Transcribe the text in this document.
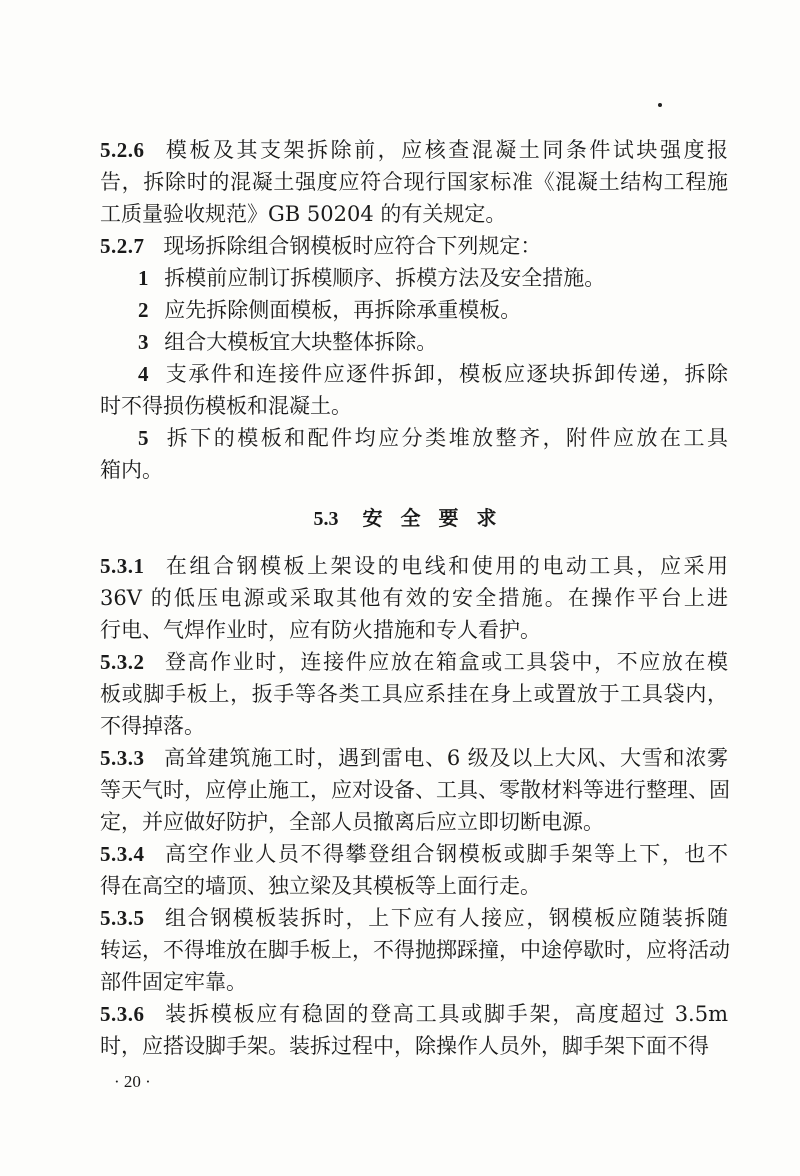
5.2.6 模板及其支架拆除前，应核查混凝土同条件试块强度报
告，拆除时的混凝土强度应符合现行国家标准《混凝土结构工程施
工质量验收规范》GB 50204 的有关规定。
5.2.7 现场拆除组合钢模板时应符合下列规定：
1 拆模前应制订拆模顺序、拆模方法及安全措施。
2 应先拆除侧面模板，再拆除承重模板。
3 组合大模板宜大块整体拆除。
4 支承件和连接件应逐件拆卸，模板应逐块拆卸传递，拆除
时不得损伤模板和混凝土。
5 拆下的模板和配件均应分类堆放整齐，附件应放在工具
箱内。
5.3 安全要求
5.3.1 在组合钢模板上架设的电线和使用的电动工具，应采用
36V 的低压电源或采取其他有效的安全措施。在操作平台上进
行电、气焊作业时，应有防火措施和专人看护。
5.3.2 登高作业时，连接件应放在箱盒或工具袋中，不应放在模
板或脚手板上，扳手等各类工具应系挂在身上或置放于工具袋内，
不得掉落。
5.3.3 高耸建筑施工时，遇到雷电、6 级及以上大风、大雪和浓雾
等天气时，应停止施工，应对设备、工具、零散材料等进行整理、固
定，并应做好防护，全部人员撤离后应立即切断电源。
5.3.4 高空作业人员不得攀登组合钢模板或脚手架等上下，也不
得在高空的墙顶、独立梁及其模板等上面行走。
5.3.5 组合钢模板装拆时，上下应有人接应，钢模板应随装拆随
转运，不得堆放在脚手板上，不得抛掷踩撞，中途停歇时，应将活动
部件固定牢靠。
5.3.6 装拆模板应有稳固的登高工具或脚手架，高度超过 3.5m
时，应搭设脚手架。装拆过程中，除操作人员外，脚手架下面不得
· 20 ·
